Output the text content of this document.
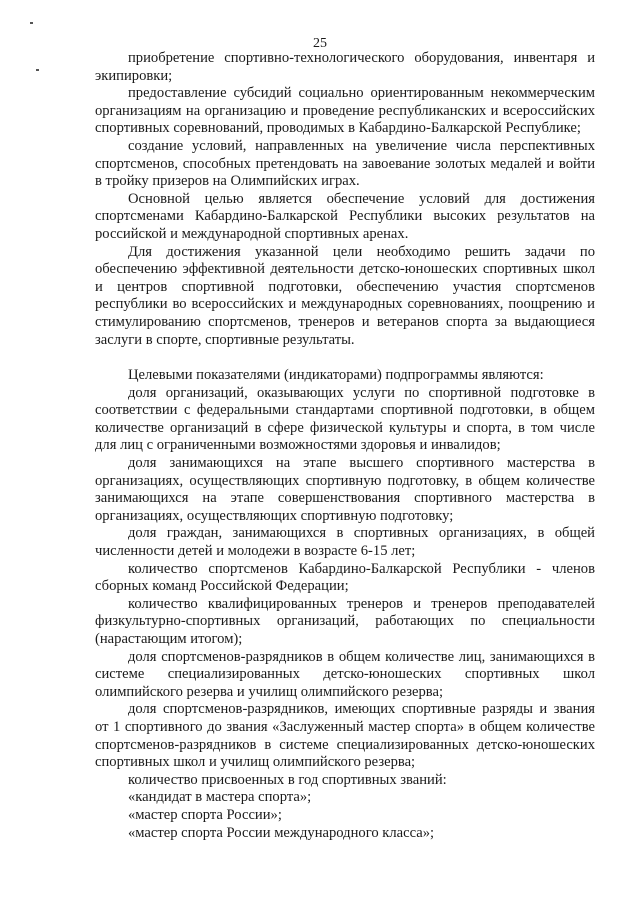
25

приобретение спортивно-технологического оборудования, инвентаря и экипировки;

предоставление субсидий социально ориентированным некоммерческим организациям на организацию и проведение республиканских и всероссийских спортивных соревнований, проводимых в Кабардино-Балкарской Республике;

создание условий, направленных на увеличение числа перспективных спортсменов, способных претендовать на завоевание золотых медалей и войти в тройку призеров на Олимпийских играх.

Основной целью является обеспечение условий для достижения спортсменами Кабардино-Балкарской Республики высоких результатов на российской и международной спортивных аренах.

Для достижения указанной цели необходимо решить задачи по обеспечению эффективной деятельности детско-юношеских спортивных школ и центров спортивной подготовки, обеспечению участия спортсменов республики во всероссийских и международных соревнованиях, поощрению и стимулированию спортсменов, тренеров и ветеранов спорта за выдающиеся заслуги в спорте, спортивные результаты.

Целевыми показателями (индикаторами) подпрограммы являются:

доля организаций, оказывающих услуги по спортивной подготовке в соответствии с федеральными стандартами спортивной подготовки, в общем количестве организаций в сфере физической культуры и спорта, в том числе для лиц с ограниченными возможностями здоровья и инвалидов;

доля занимающихся на этапе высшего спортивного мастерства в организациях, осуществляющих спортивную подготовку, в общем количестве занимающихся на этапе совершенствования спортивного мастерства в организациях, осуществляющих спортивную подготовку;

доля граждан, занимающихся в спортивных организациях, в общей численности детей и молодежи в возрасте 6-15 лет;

количество спортсменов Кабардино-Балкарской Республики - членов сборных команд Российской Федерации;

количество квалифицированных тренеров и тренеров преподавателей физкультурно-спортивных организаций, работающих по специальности (нарастающим итогом);

доля спортсменов-разрядников в общем количестве лиц, занимающихся в системе специализированных детско-юношеских спортивных школ олимпийского резерва и училищ олимпийского резерва;

доля спортсменов-разрядников, имеющих спортивные разряды и звания от 1 спортивного до звания «Заслуженный мастер спорта» в общем количестве спортсменов-разрядников в системе специализированных детско-юношеских спортивных школ и училищ олимпийского резерва;

количество присвоенных в год спортивных званий:

«кандидат в мастера спорта»;

«мастер спорта России»;

«мастер спорта России международного класса»;
